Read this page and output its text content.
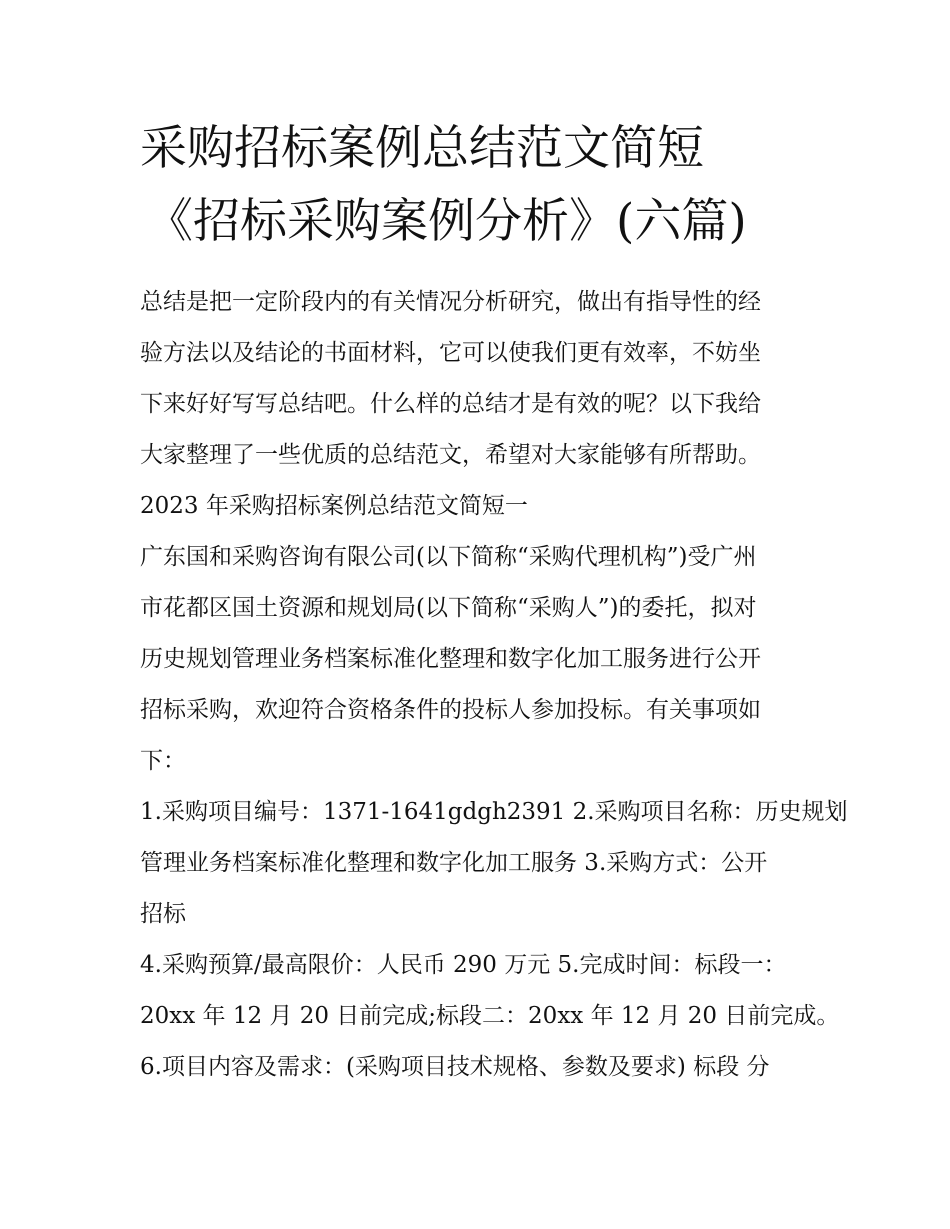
采购招标案例总结范文简短
《招标采购案例分析》(六篇)
总结是把一定阶段内的有关情况分析研究，做出有指导性的经
验方法以及结论的书面材料，它可以使我们更有效率，不妨坐
下来好好写写总结吧。什么样的总结才是有效的呢？以下我给
大家整理了一些优质的总结范文，希望对大家能够有所帮助。
2023 年采购招标案例总结范文简短一
广东国和采购咨询有限公司(以下简称“采购代理机构”)受广州
市花都区国土资源和规划局(以下简称“采购人”)的委托，拟对
历史规划管理业务档案标准化整理和数字化加工服务进行公开
招标采购，欢迎符合资格条件的投标人参加投标。有关事项如
下：
1.采购项目编号：1371-1641gdgh2391 2.采购项目名称：历史规划
管理业务档案标准化整理和数字化加工服务 3.采购方式：公开
招标
4.采购预算/最高限价：人民币 290 万元 5.完成时间：标段一：
20xx 年 12 月 20 日前完成;标段二：20xx 年 12 月 20 日前完成。
6.项目内容及需求：(采购项目技术规格、参数及要求) 标段 分
